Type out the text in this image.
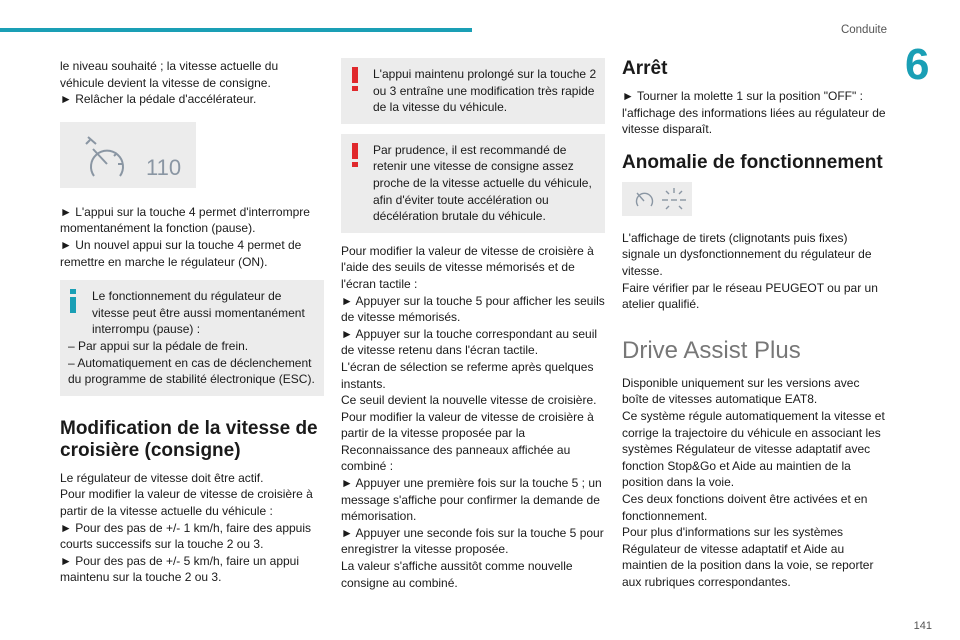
Conduite
6
141
le niveau souhaité ; la vitesse actuelle du véhicule devient la vitesse de consigne.
► Relâcher la pédale d'accélérateur.
110
► L'appui sur la touche 4 permet d'interrompre momentanément la fonction (pause).
► Un nouvel appui sur la touche 4 permet de remettre en marche le régulateur (ON).
Le fonctionnement du régulateur de vitesse peut être aussi momentanément interrompu (pause) :
– Par appui sur la pédale de frein.
– Automatiquement en cas de déclenchement du programme de stabilité électronique (ESC).
Modification de la vitesse de croisière (consigne)
Le régulateur de vitesse doit être actif.
Pour modifier la valeur de vitesse de croisière à partir de la vitesse actuelle du véhicule :
► Pour des pas de +/- 1 km/h, faire des appuis courts successifs sur la touche 2 ou 3.
► Pour des pas de +/- 5 km/h, faire un appui maintenu sur la touche 2 ou 3.
L'appui maintenu prolongé sur la touche 2 ou 3 entraîne une modification très rapide de la vitesse du véhicule.
Par prudence, il est recommandé de retenir une vitesse de consigne assez proche de la vitesse actuelle du véhicule, afin d'éviter toute accélération ou décélération brutale du véhicule.
Pour modifier la valeur de vitesse de croisière à l'aide des seuils de vitesse mémorisés et de l'écran tactile :
► Appuyer sur la touche 5 pour afficher les seuils de vitesse mémorisés.
► Appuyer sur la touche correspondant au seuil de vitesse retenu dans l'écran tactile.
L'écran de sélection se referme après quelques instants.
Ce seuil devient la nouvelle vitesse de croisière.
Pour modifier la valeur de vitesse de croisière à partir de la vitesse proposée par la Reconnaissance des panneaux affichée au combiné :
► Appuyer une première fois sur la touche 5 ; un message s'affiche pour confirmer la demande de mémorisation.
► Appuyer une seconde fois sur la touche 5 pour enregistrer la vitesse proposée.
La valeur s'affiche aussitôt comme nouvelle consigne au combiné.
Arrêt
► Tourner la molette 1 sur la position "OFF" : l'affichage des informations liées au régulateur de vitesse disparaît.
Anomalie de fonctionnement
L'affichage de tirets (clignotants puis fixes) signale un dysfonctionnement du régulateur de vitesse.
Faire vérifier par le réseau PEUGEOT ou par un atelier qualifié.
Drive Assist Plus
Disponible uniquement sur les versions avec boîte de vitesses automatique EAT8.
Ce système régule automatiquement la vitesse et corrige la trajectoire du véhicule en associant les systèmes Régulateur de vitesse adaptatif avec fonction Stop&Go et Aide au maintien de la position dans la voie.
Ces deux fonctions doivent être activées et en fonctionnement.
Pour plus d'informations sur les systèmes Régulateur de vitesse adaptatif et Aide au maintien de la position dans la voie, se reporter aux rubriques correspondantes.
